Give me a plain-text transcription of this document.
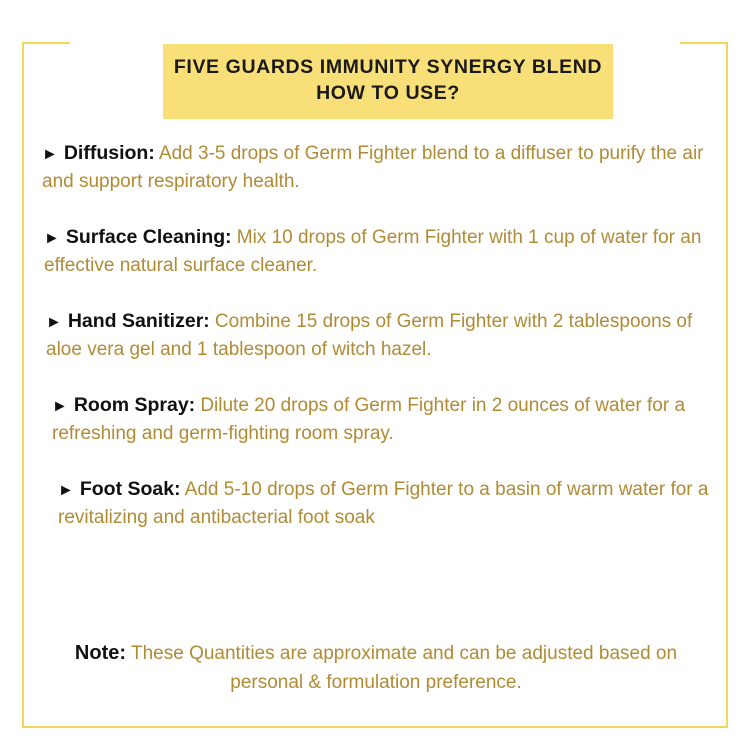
FIVE GUARDS IMMUNITY SYNERGY BLEND
HOW TO USE?

► Diffusion: Add 3-5 drops of Germ Fighter blend to a diffuser to purify the air and support respiratory health.

► Surface Cleaning: Mix 10 drops of Germ Fighter with 1 cup of water for an effective natural surface cleaner.

► Hand Sanitizer: Combine 15 drops of Germ Fighter with 2 tablespoons of aloe vera gel and 1 tablespoon of witch hazel.

► Room Spray: Dilute 20 drops of Germ Fighter in 2 ounces of water for a refreshing and germ-fighting room spray.

► Foot Soak: Add 5-10 drops of Germ Fighter to a basin of warm water for a revitalizing and antibacterial foot soak

Note: These Quantities are approximate and can be adjusted based on personal & formulation preference.
